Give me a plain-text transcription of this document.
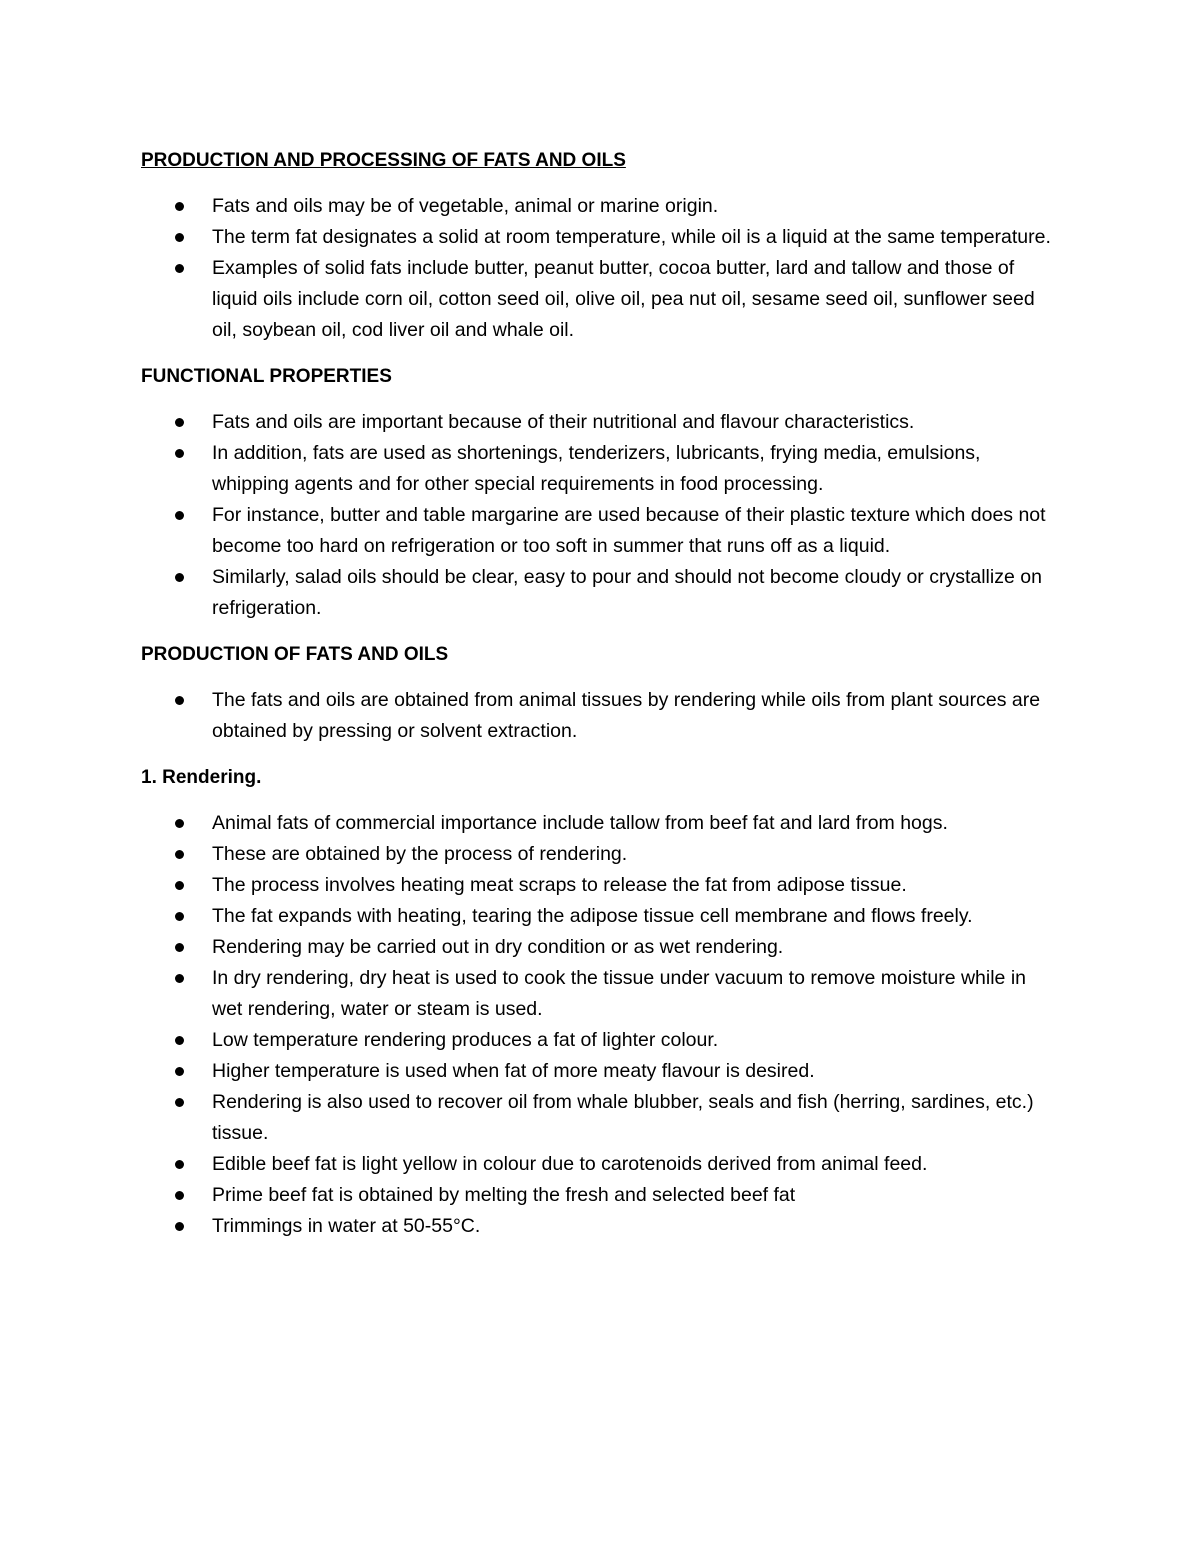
PRODUCTION AND PROCESSING OF FATS AND OILS

Fats and oils may be of vegetable, animal or marine origin.
The term fat designates a solid at room temperature, while oil is a liquid at the same temperature.
Examples of solid fats include butter, peanut butter, cocoa butter, lard and tallow and those of liquid oils include corn oil, cotton seed oil, olive oil, pea nut oil, sesame seed oil, sunflower seed oil, soybean oil, cod liver oil and whale oil.

FUNCTIONAL PROPERTIES

Fats and oils are important because of their nutritional and flavour characteristics.
In addition, fats are used as shortenings, tenderizers, lubricants, frying media, emulsions, whipping agents and for other special requirements in food processing.
For instance, butter and table margarine are used because of their plastic texture which does not become too hard on refrigeration or too soft in summer that runs off as a liquid.
Similarly, salad oils should be clear, easy to pour and should not become cloudy or crystallize on refrigeration.

PRODUCTION OF FATS AND OILS

The fats and oils are obtained from animal tissues by rendering while oils from plant sources are obtained by pressing or solvent extraction.

1. Rendering.

Animal fats of commercial importance include tallow from beef fat and lard from hogs.
These are obtained by the process of rendering.
The process involves heating meat scraps to release the fat from adipose tissue.
The fat expands with heating, tearing the adipose tissue cell membrane and flows freely.
Rendering may be carried out in dry condition or as wet rendering.
In dry rendering, dry heat is used to cook the tissue under vacuum to remove moisture while in wet rendering, water or steam is used.
Low temperature rendering produces a fat of lighter colour.
Higher temperature is used when fat of more meaty flavour is desired.
Rendering is also used to recover oil from whale blubber, seals and fish (herring, sardines, etc.) tissue.
Edible beef fat is light yellow in colour due to carotenoids derived from animal feed.
Prime beef fat is obtained by melting the fresh and selected beef fat
Trimmings in water at 50-55°C.
